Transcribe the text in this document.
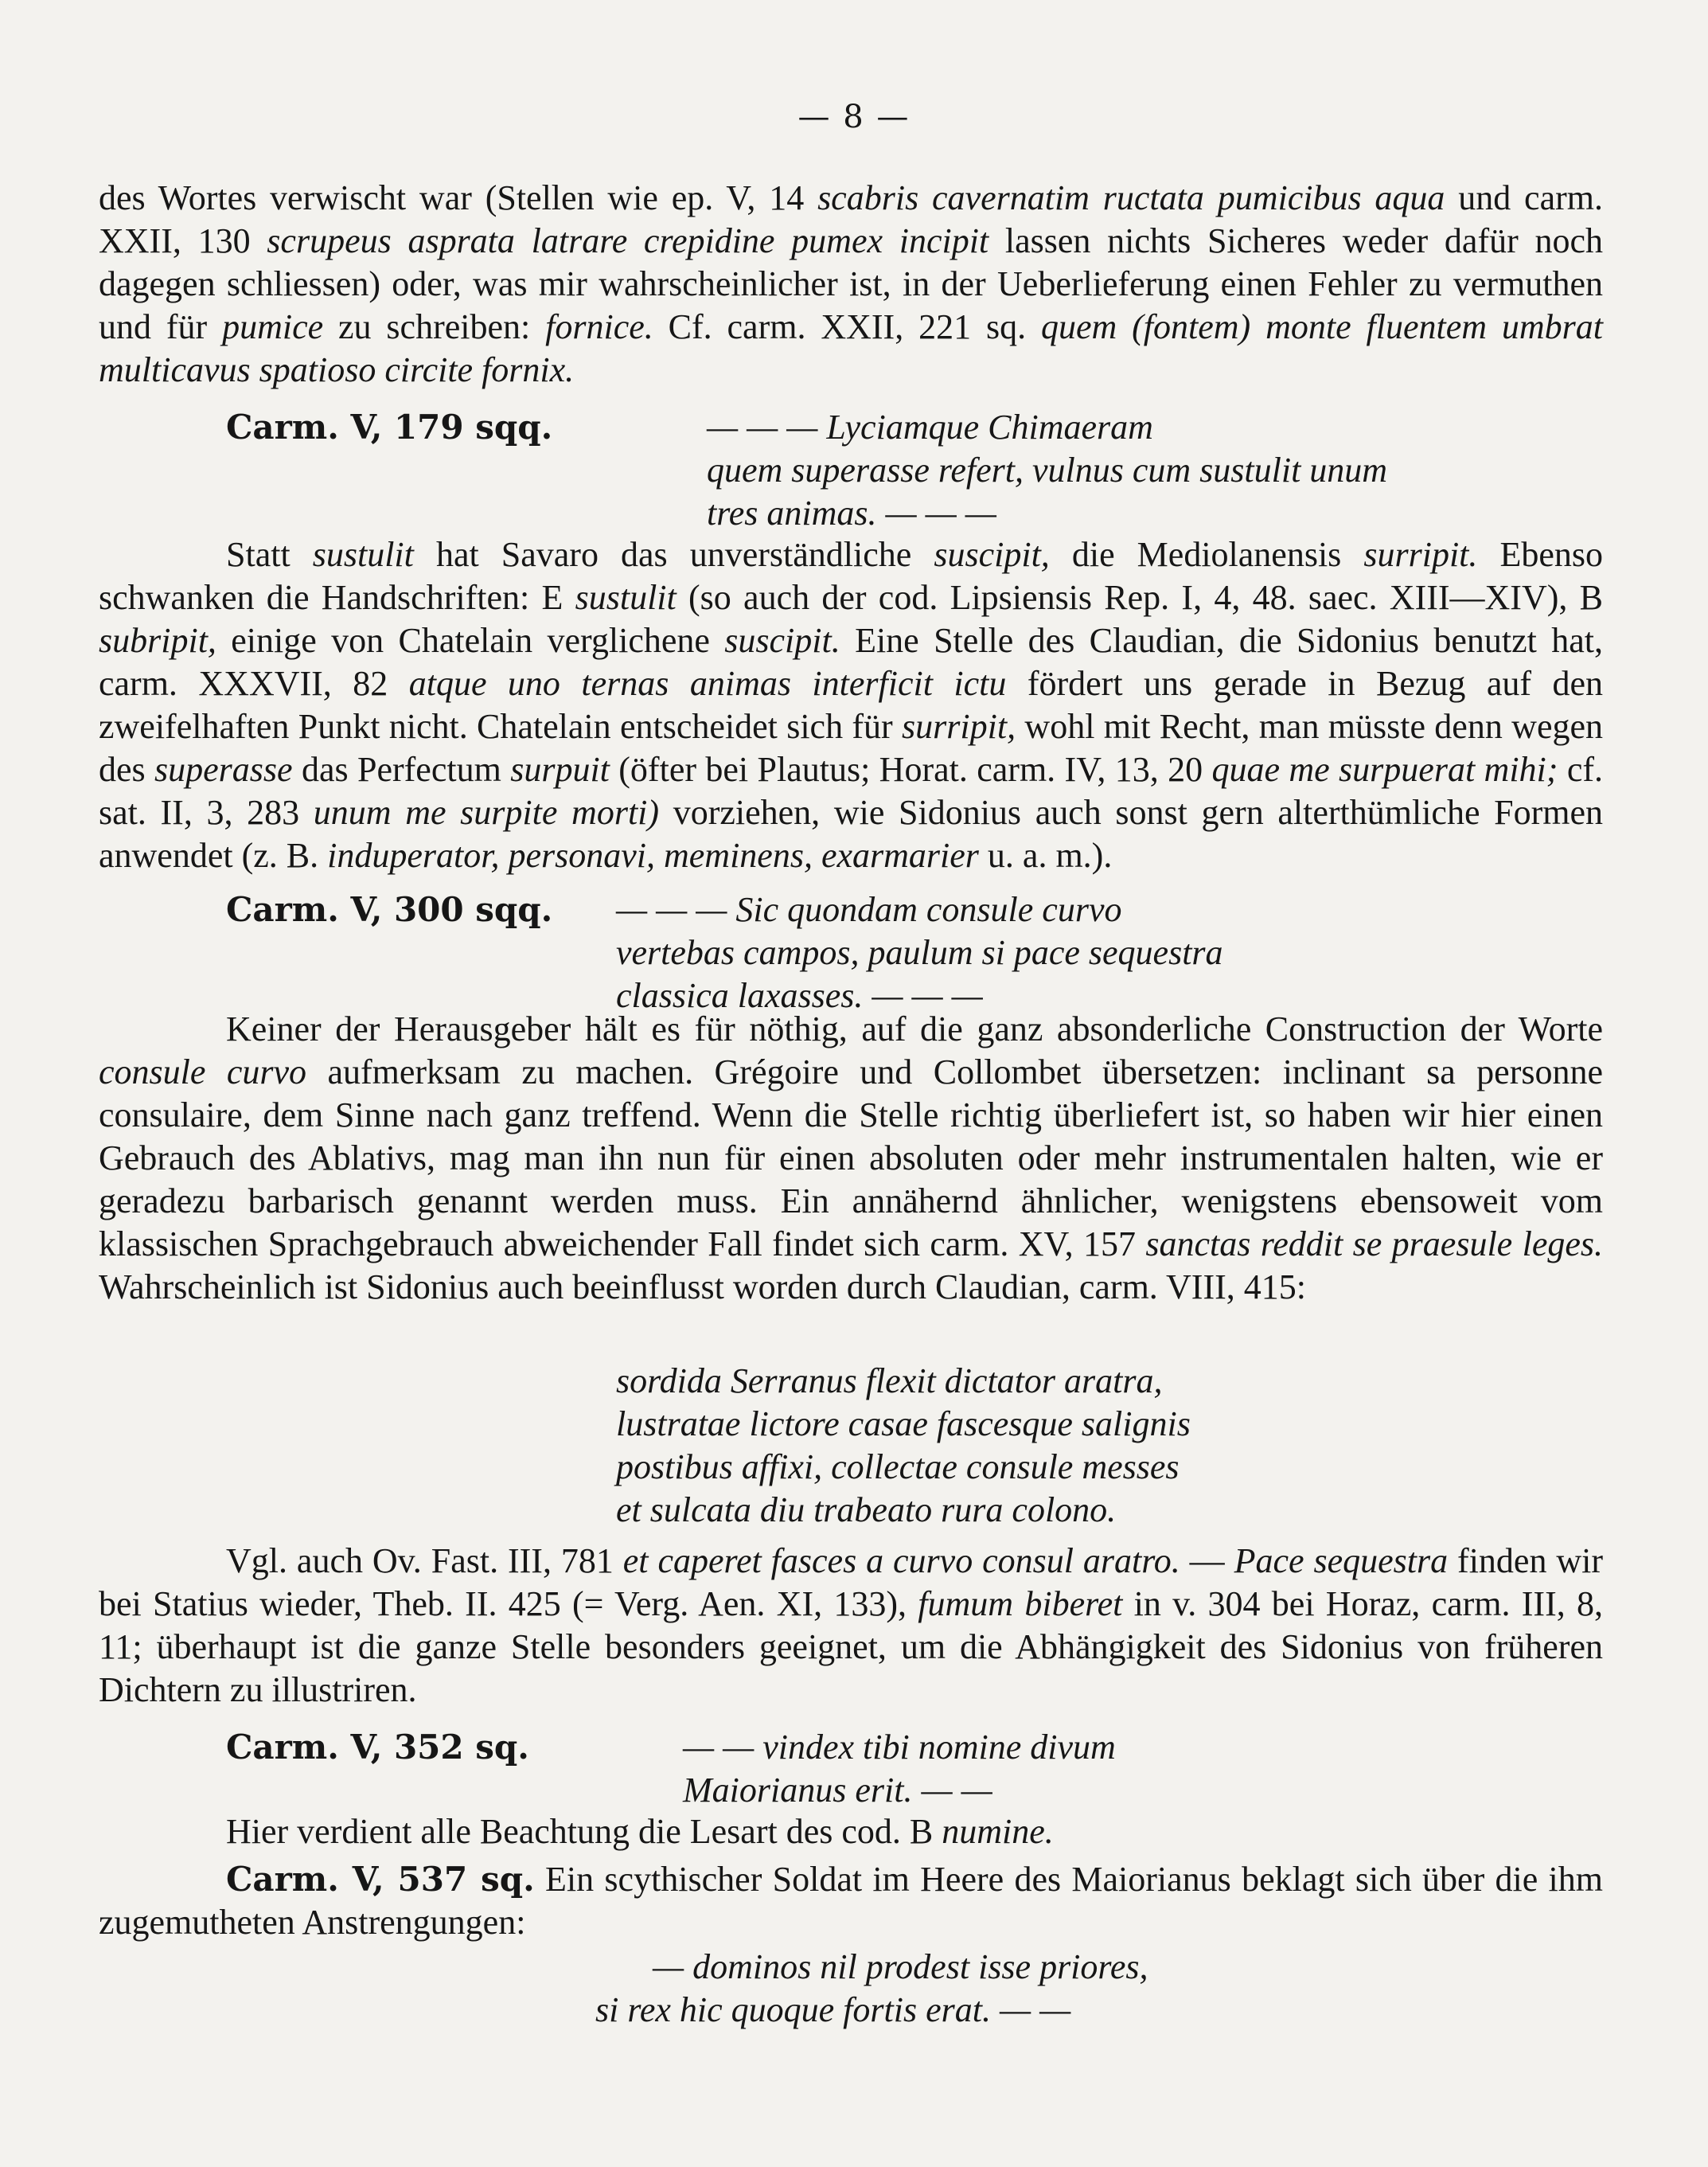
— 8 —
des Wortes verwischt war (Stellen wie ep. V, 14 scabris cavernatim ructata pumicibus aqua und carm. XXII, 130 scrupeus asprata latrare crepidine pumex incipit lassen nichts Sicheres weder dafür noch dagegen schliessen) oder, was mir wahrscheinlicher ist, in der Ueberlieferung einen Fehler zu vermuthen und für pumice zu schreiben: fornice. Cf. carm. XXII, 221 sq. quem (fontem) monte fluentem umbrat multicavus spatioso circite fornix.
Carm. V, 179 sqq.	— — — Lyciamque Chimaeram
quem superasse refert, vulnus cum sustulit unum
tres animas. — — —
Statt sustulit hat Savaro das unverständliche suscipit, die Mediolanensis surripit. Ebenso schwanken die Handschriften: E sustulit (so auch der cod. Lipsiensis Rep. I, 4, 48. saec. XIII—XIV), B subripit, einige von Chatelain verglichene suscipit. Eine Stelle des Claudian, die Sidonius benutzt hat, carm. XXXVII, 82 atque uno ternas animas interficit ictu fördert uns gerade in Bezug auf den zweifelhaften Punkt nicht. Chatelain entscheidet sich für surripit, wohl mit Recht, man müsste denn wegen des superasse das Perfectum surpuit (öfter bei Plautus; Horat. carm. IV, 13, 20 quae me surpuerat mihi; cf. sat. II, 3, 283 unum me surpite morti) vorziehen, wie Sidonius auch sonst gern alterthümliche Formen anwendet (z. B. induperator, personavi, meminens, exarmarier u. a. m.).
Carm. V, 300 sqq. — — — Sic quondam consule curvo
vertebas campos, paulum si pace sequestra
classica laxasses. — — —
Keiner der Herausgeber hält es für nöthig, auf die ganz absonderliche Construction der Worte consule curvo aufmerksam zu machen. Grégoire und Collombet übersetzen: inclinant sa personne consulaire, dem Sinne nach ganz treffend. Wenn die Stelle richtig überliefert ist, so haben wir hier einen Gebrauch des Ablativs, mag man ihn nun für einen absoluten oder mehr instrumentalen halten, wie er geradezu barbarisch genannt werden muss. Ein annähernd ähnlicher, wenigstens ebensoweit vom klassischen Sprachgebrauch abweichender Fall findet sich carm. XV, 157 sanctas reddit se praesule leges. Wahrscheinlich ist Sidonius auch beeinflusst worden durch Claudian, carm. VIII, 415:
sordida Serranus flexit dictator aratra,
lustratae lictore casae fascesque salignis
postibus affixi, collectae consule messes
et sulcata diu trabeato rura colono.
Vgl. auch Ov. Fast. III, 781 et caperet fasces a curvo consul aratro. — Pace sequestra finden wir bei Statius wieder, Theb. II. 425 (= Verg. Aen. XI, 133), fumum biberet in v. 304 bei Horaz, carm. III, 8, 11; überhaupt ist die ganze Stelle besonders geeignet, um die Abhängigkeit des Sidonius von früheren Dichtern zu illustriren.
Carm. V, 352 sq.	— — vindex tibi nomine divum
Maiorianus erit. — —
Hier verdient alle Beachtung die Lesart des cod. B numine.
Carm. V, 537 sq. Ein scythischer Soldat im Heere des Maiorianus beklagt sich über die ihm zugemutheten Anstrengungen:
— dominos nil prodest isse priores,
si rex hic quoque fortis erat. — —
